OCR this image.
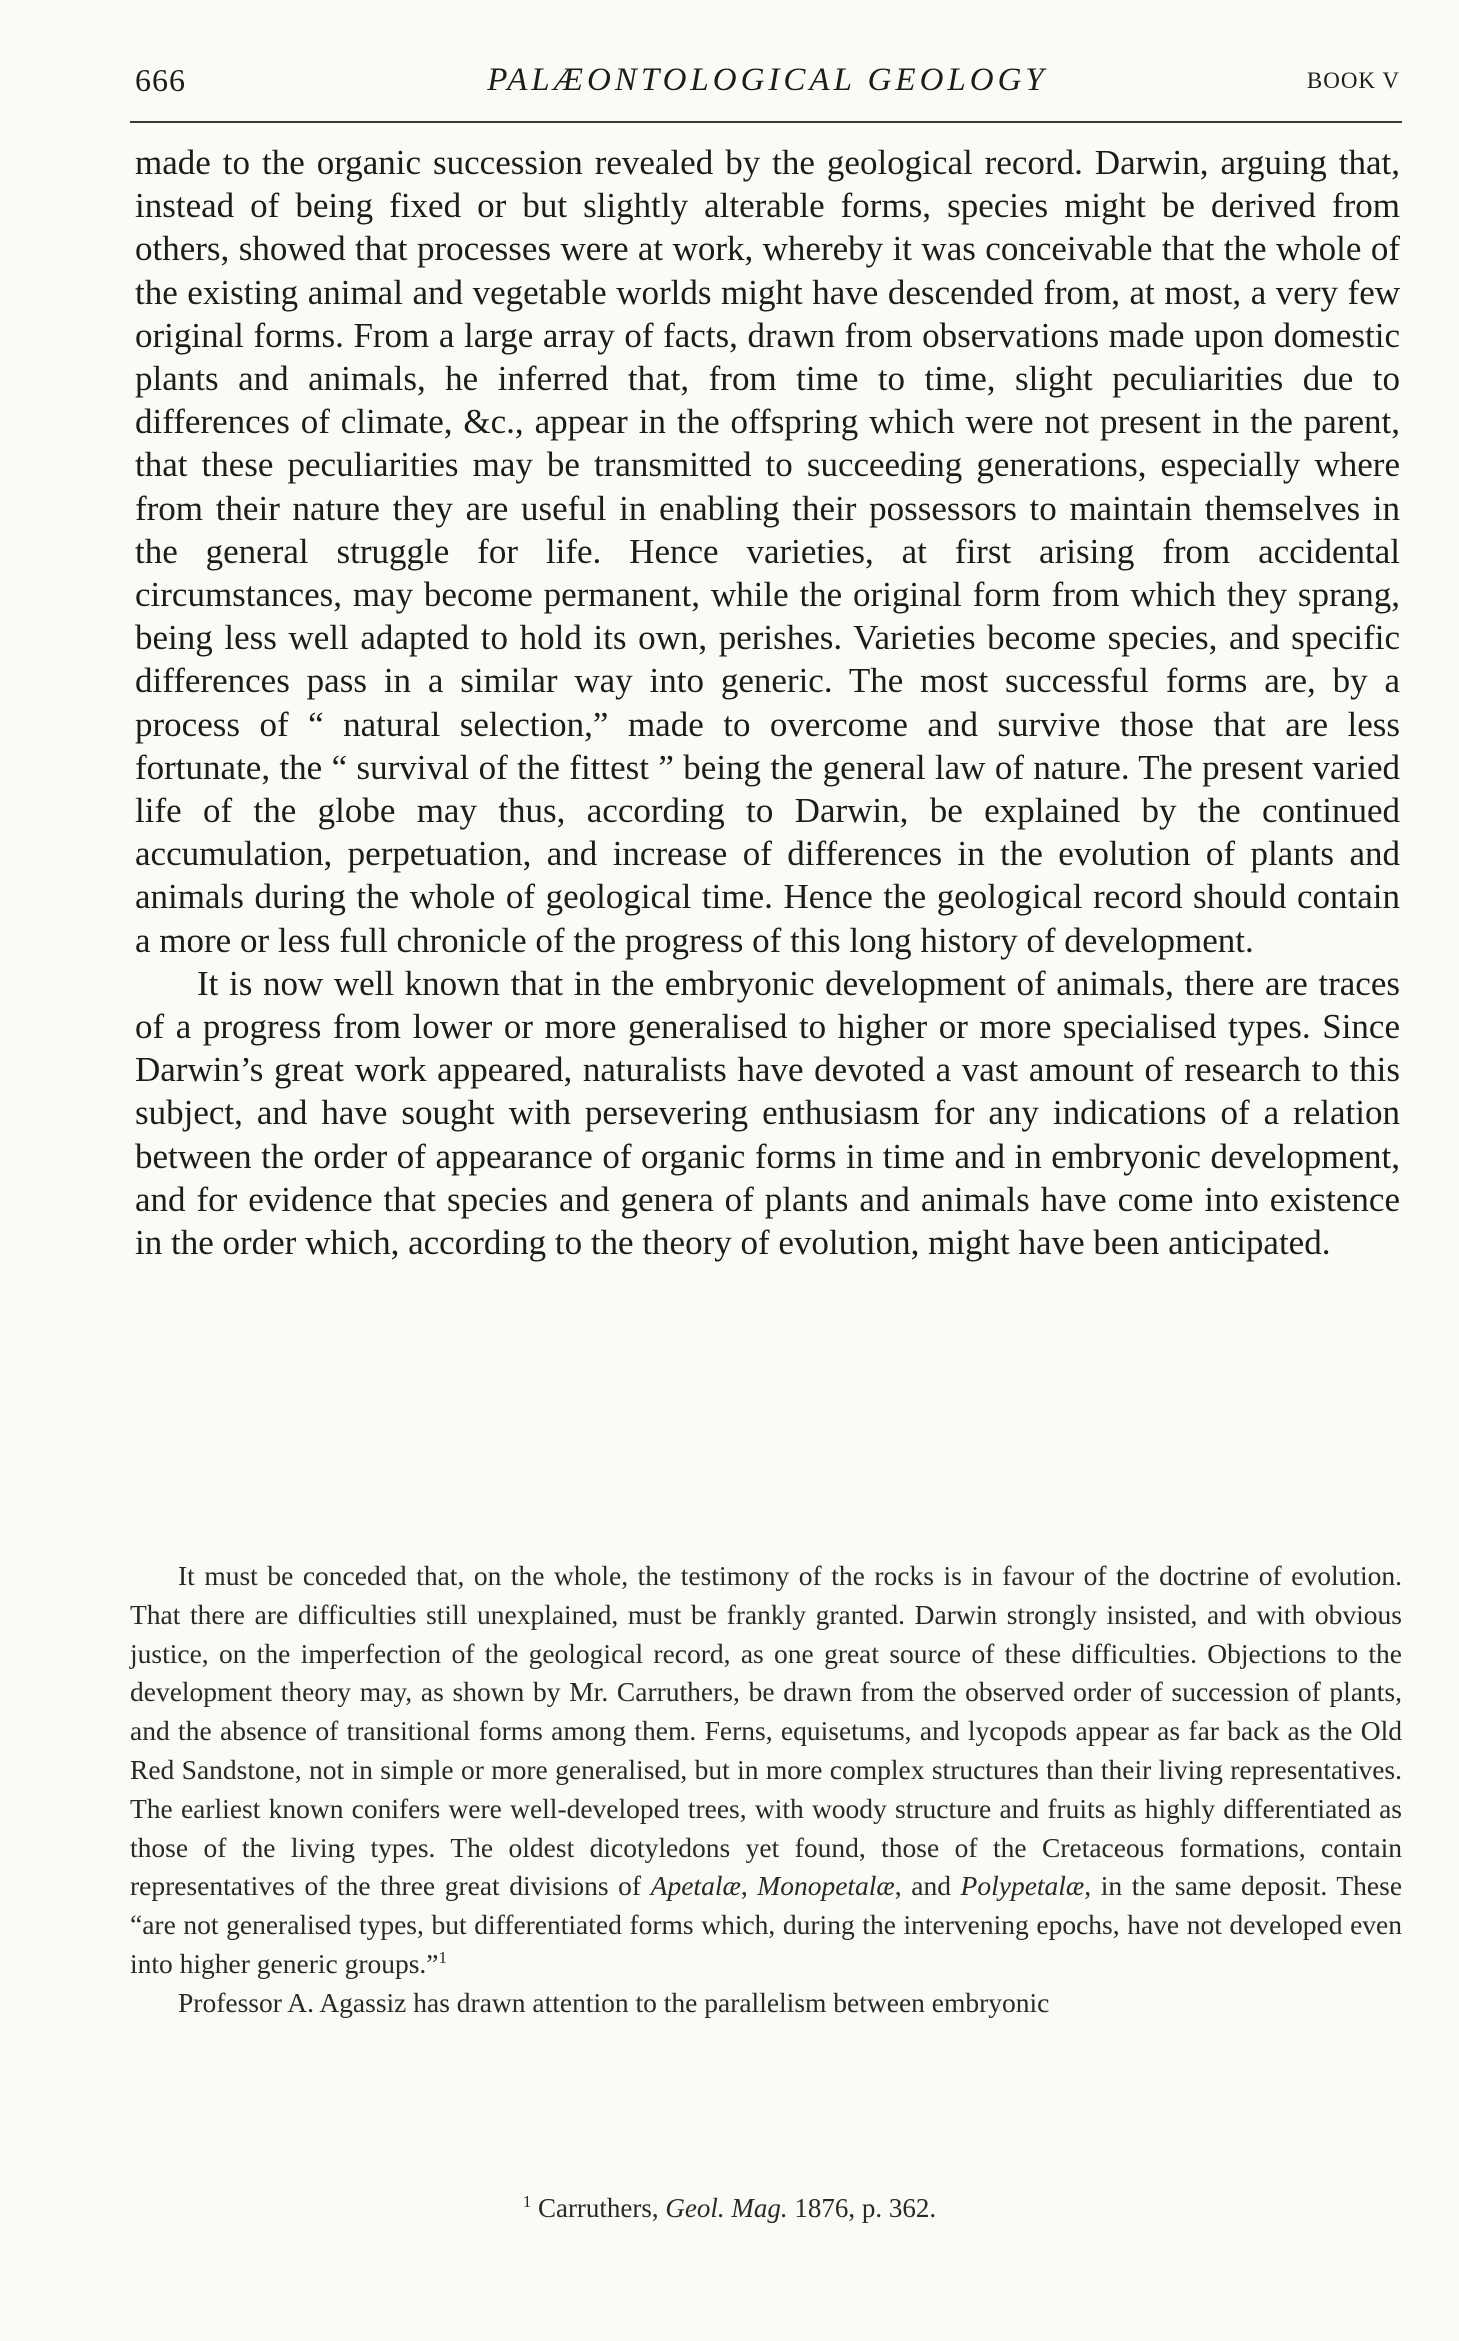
666	PALÆONTOLOGICAL GEOLOGY	BOOK V

made to the organic succession revealed by the geological record. Darwin, arguing that, instead of being fixed or but slightly alterable forms, species might be derived from others, showed that processes were at work, whereby it was conceivable that the whole of the existing animal and vegetable worlds might have descended from, at most, a very few original forms. From a large array of facts, drawn from observations made upon domestic plants and animals, he inferred that, from time to time, slight peculiarities due to differences of climate, &c., appear in the offspring which were not present in the parent, that these peculiarities may be transmitted to succeeding generations, especially where from their nature they are useful in enabling their possessors to maintain themselves in the general struggle for life. Hence varieties, at first arising from accidental circumstances, may become permanent, while the original form from which they sprang, being less well adapted to hold its own, perishes. Varieties become species, and specific differences pass in a similar way into generic. The most successful forms are, by a process of “ natural selection,” made to overcome and survive those that are less fortunate, the “ survival of the fittest ” being the general law of nature. The present varied life of the globe may thus, according to Darwin, be explained by the continued accumulation, perpetuation, and increase of differences in the evolution of plants and animals during the whole of geological time. Hence the geological record should contain a more or less full chronicle of the progress of this long history of development.

It is now well known that in the embryonic development of animals, there are traces of a progress from lower or more generalised to higher or more specialised types. Since Darwin’s great work appeared, naturalists have devoted a vast amount of research to this subject, and have sought with persevering enthusiasm for any indications of a relation between the order of appearance of organic forms in time and in embryonic development, and for evidence that species and genera of plants and animals have come into existence in the order which, according to the theory of evolution, might have been anticipated.

It must be conceded that, on the whole, the testimony of the rocks is in favour of the doctrine of evolution. That there are difficulties still unexplained, must be frankly granted. Darwin strongly insisted, and with obvious justice, on the imperfection of the geological record, as one great source of these difficulties. Objections to the development theory may, as shown by Mr. Carruthers, be drawn from the observed order of succession of plants, and the absence of transitional forms among them. Ferns, equisetums, and lycopods appear as far back as the Old Red Sandstone, not in simple or more generalised, but in more complex structures than their living representatives. The earliest known conifers were well-developed trees, with woody structure and fruits as highly differentiated as those of the living types. The oldest dicotyledons yet found, those of the Cretaceous formations, contain representatives of the three great divisions of Apetalæ, Monopetalæ, and Polypetalæ, in the same deposit. These “are not generalised types, but differentiated forms which, during the intervening epochs, have not developed even into higher generic groups.”$^1$

Professor A. Agassiz has drawn attention to the parallelism between embryonic

$^1$ Carruthers, Geol. Mag. 1876, p. 362.
